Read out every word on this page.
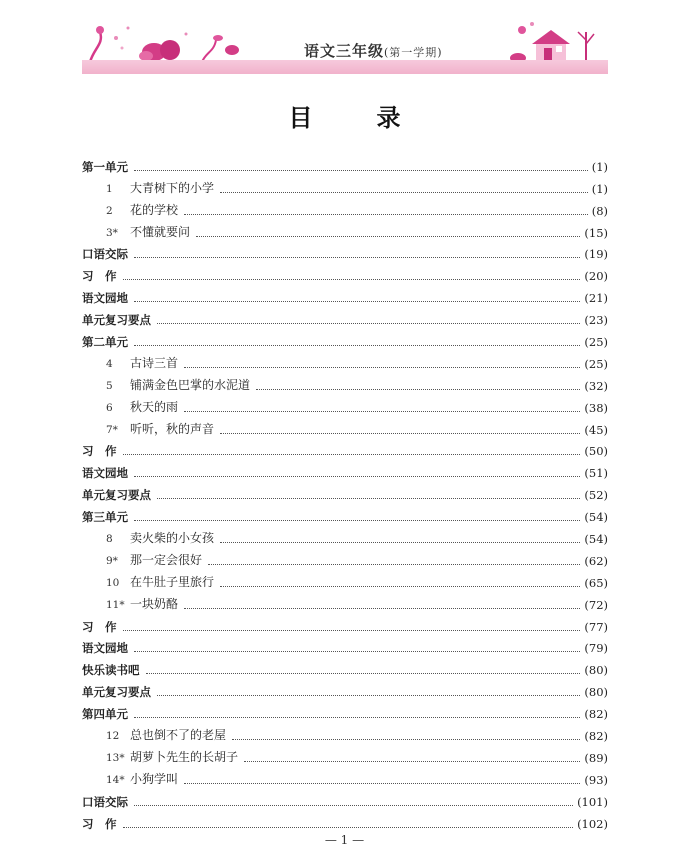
语文三年级(第一学期)
目　录
第一单元	(1)
1 大青树下的小学	(1)
2 花的学校	(8)
3* 不懂就要问	(15)
口语交际	(19)
习　作	(20)
语文园地	(21)
单元复习要点	(23)
第二单元	(25)
4 古诗三首	(25)
5 铺满金色巴掌的水泥道	(32)
6 秋天的雨	(38)
7* 听听，秋的声音	(45)
习　作	(50)
语文园地	(51)
单元复习要点	(52)
第三单元	(54)
8 卖火柴的小女孩	(54)
9* 那一定会很好	(62)
10 在牛肚子里旅行	(65)
11* 一块奶酪	(72)
习　作	(77)
语文园地	(79)
快乐读书吧	(80)
单元复习要点	(80)
第四单元	(82)
12 总也倒不了的老屋	(82)
13* 胡萝卜先生的长胡子	(89)
14* 小狗学叫	(93)
口语交际	(101)
习　作	(102)
— 1 —
